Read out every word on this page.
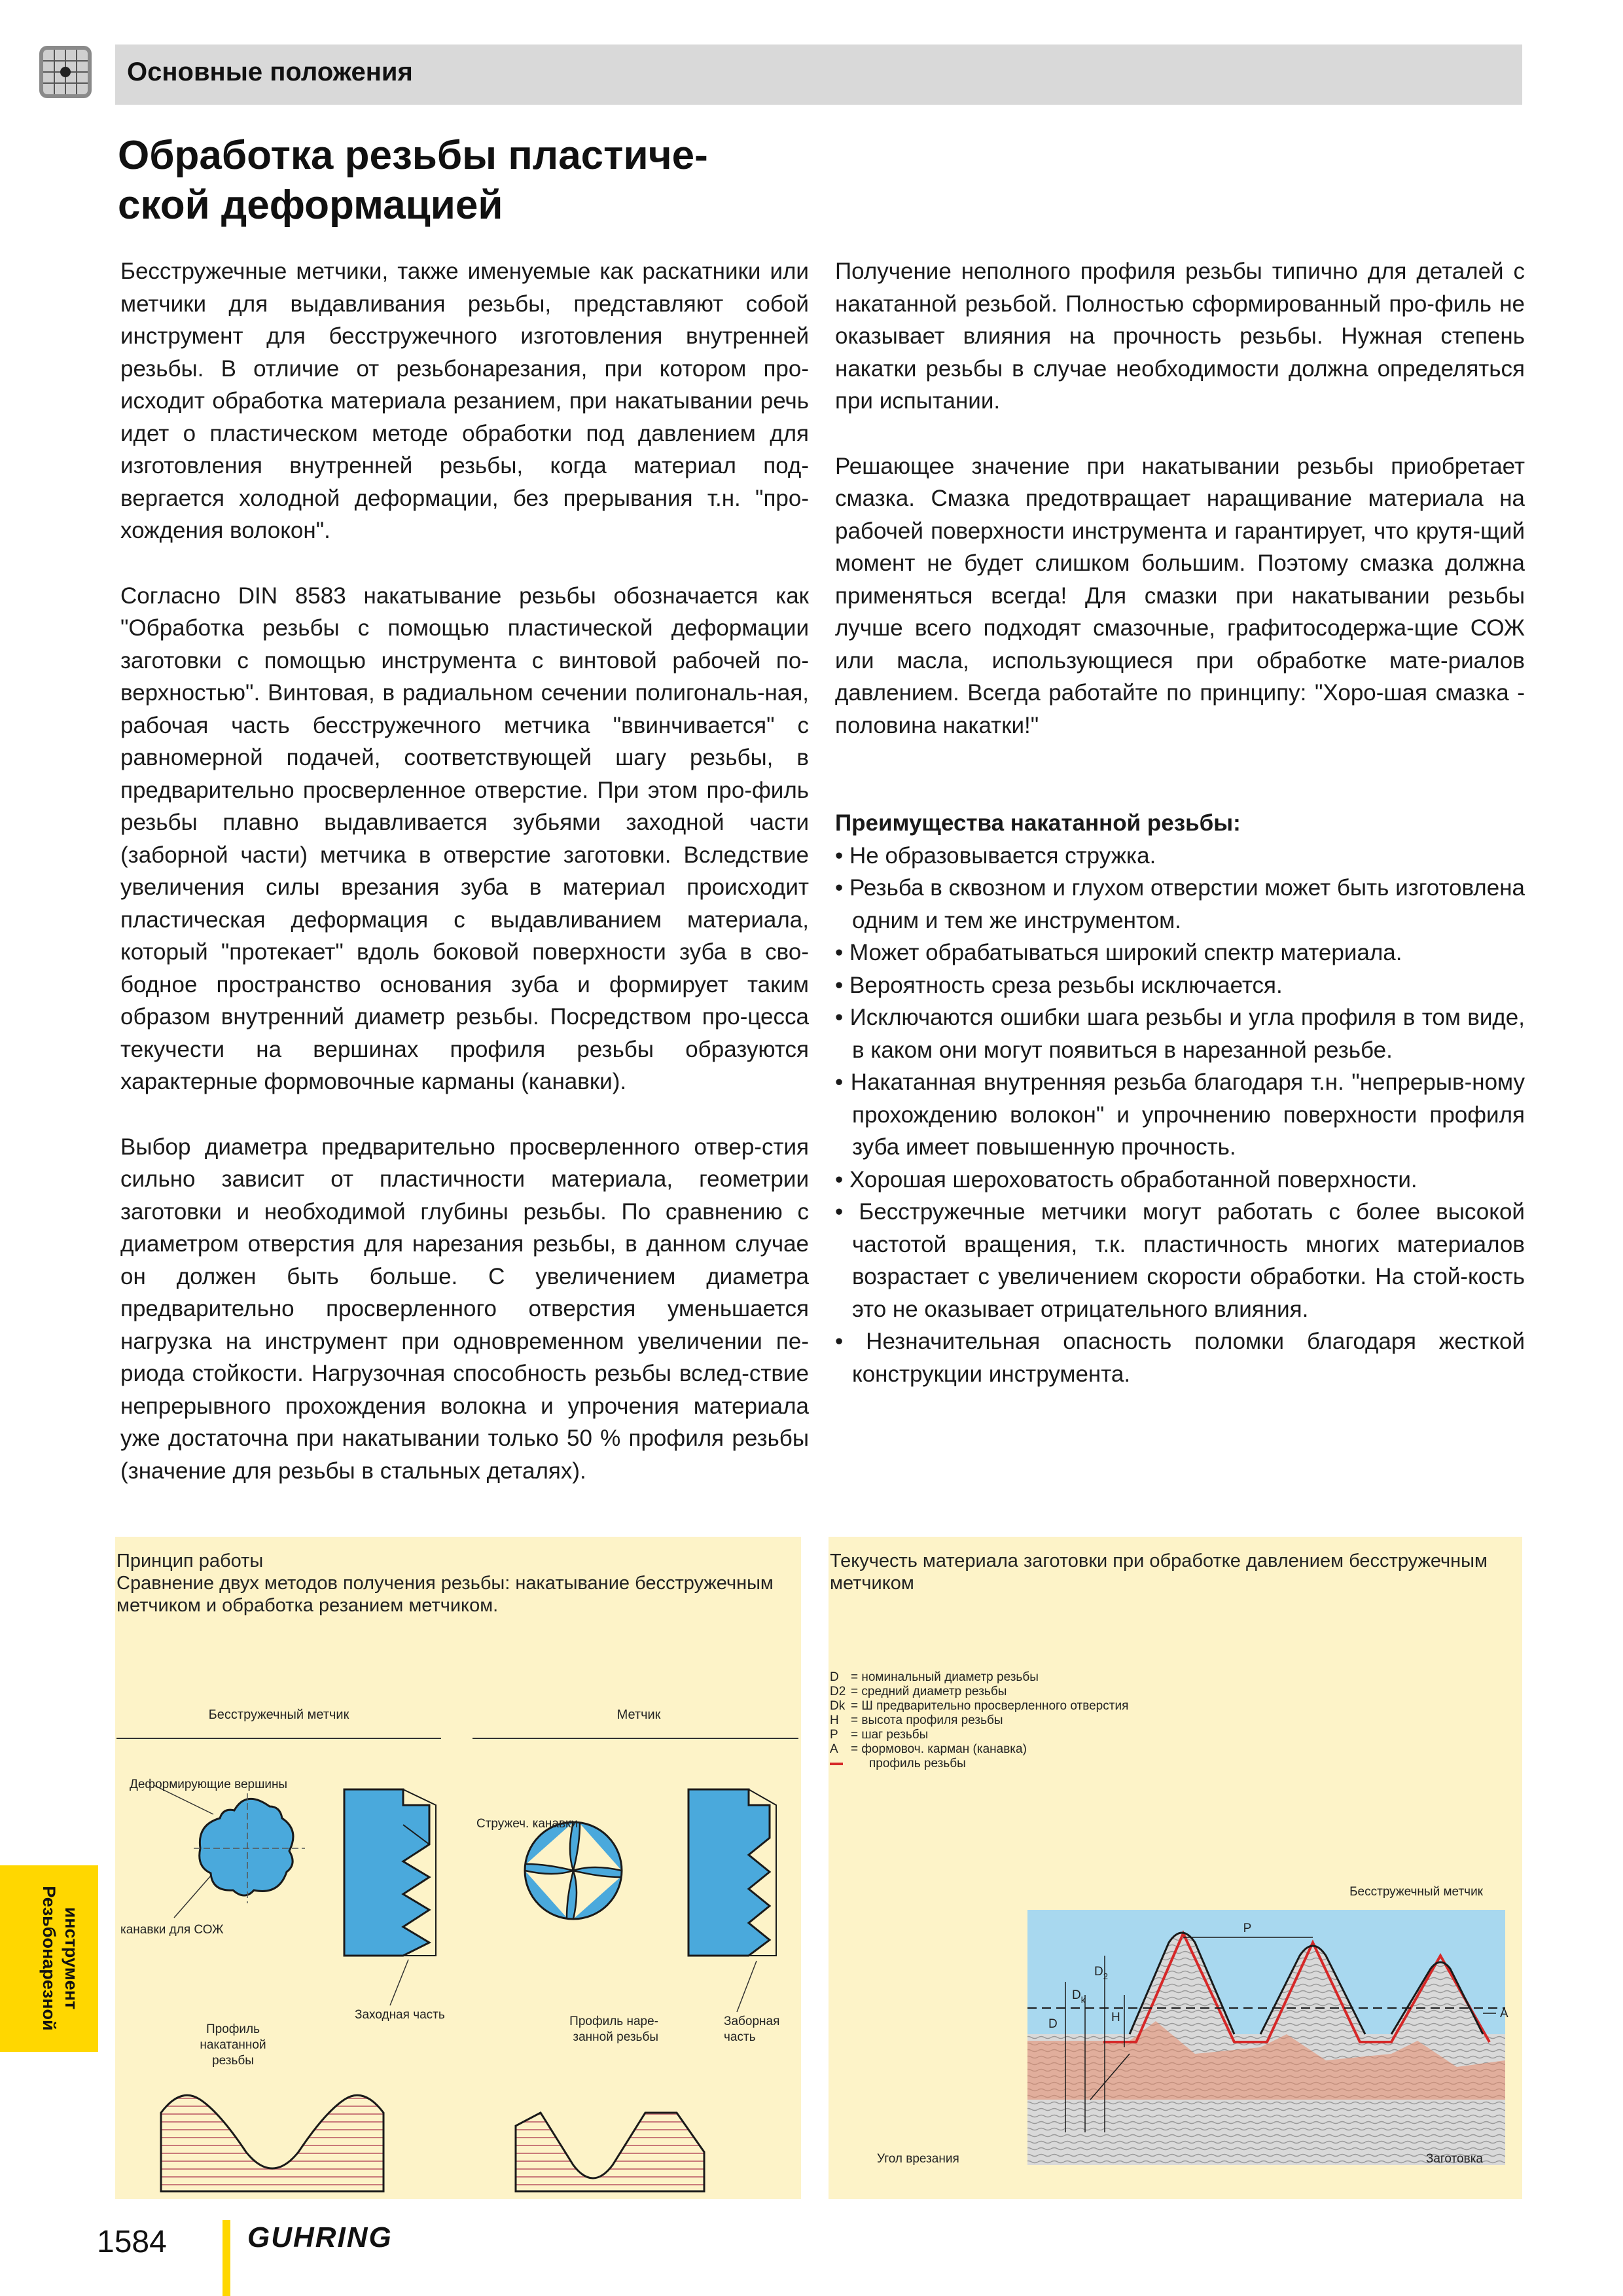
Основные положения
Обработка резьбы пластиче-
ской деформацией

Бесстружечные метчики, также именуемые как раскатники или метчики для выдавливания резьбы, представляют собой инструмент для бесстружечного изготовления внутренней резьбы. В отличие от резьбонарезания, при котором про-исходит обработка материала резанием, при накатывании речь идет о пластическом методе обработки под давлением для изготовления внутренней резьбы, когда материал под-вергается холодной деформации, без прерывания т.н. "про-хождения волокон".

Согласно DIN 8583 накатывание резьбы обозначается как "Обработка резьбы с помощью пластической деформации заготовки с помощью инструмента с винтовой рабочей по-верхностью". Винтовая, в радиальном сечении полигональ-ная, рабочая часть бесстружечного метчика "ввинчивается" с равномерной подачей, соответствующей шагу резьбы, в предварительно просверленное отверстие. При этом про-филь резьбы плавно выдавливается зубьями заходной части (заборной части) метчика в отверстие заготовки. Вследствие увеличения силы врезания зуба в материал происходит пластическая деформация с выдавливанием материала, который "протекает" вдоль боковой поверхности зуба в сво-бодное пространство основания зуба и формирует таким образом внутренний диаметр резьбы. Посредством про-цесса текучести на вершинах профиля резьбы образуются характерные формовочные карманы (канавки).

Выбор диаметра предварительно просверленного отвер-стия сильно зависит от пластичности материала, геометрии заготовки и необходимой глубины резьбы. По сравнению с диаметром отверстия для нарезания резьбы, в данном случае он должен быть больше. С увеличением диаметра предварительно просверленного отверстия уменьшается нагрузка на инструмент при одновременном увеличении пе-риода стойкости. Нагрузочная способность резьбы вслед-ствие непрерывного прохождения волокна и упрочения материала уже достаточна при накатывании только 50 % профиля резьбы (значение для резьбы в стальных деталях).

Получение неполного профиля резьбы типично для деталей с накатанной резьбой. Полностью сформированный про-филь не оказывает влияния на прочность резьбы. Нужная степень накатки резьбы в случае необходимости должна определяться при испытании.

Решающее значение при накатывании резьбы приобретает смазка. Смазка предотвращает наращивание материала на рабочей поверхности инструмента и гарантирует, что крутя-щий момент не будет слишком большим. Поэтому смазка должна применяться всегда! Для смазки при накатывании резьбы лучше всего подходят смазочные, графитосодержа-щие СОЖ или масла, использующиеся при обработке мате-риалов давлением. Всегда работайте по принципу: "Хоро-шая смазка - половина накатки!"

Преимущества накатанной резьбы:
• Не образовывается стружка.
• Резьба в сквозном и глухом отверстии может быть изготовлена одним и тем же инструментом.
• Может обрабатываться широкий спектр материала.
• Вероятность среза резьбы исключается.
• Исключаются ошибки шага резьбы и угла профиля в том виде, в каком они могут появиться в нарезанной резьбе.
• Накатанная внутренняя резьба благодаря т.н. "непрерыв-ному прохождению волокон" и упрочнению поверхности профиля зуба имеет повышенную прочность.
• Хорошая шероховатость обработанной поверхности.
• Бесстружечные метчики могут работать с более высокой частотой вращения, т.к. пластичность многих материалов возрастает с увеличением скорости обработки. На стой-кость это не оказывает отрицательного влияния.
• Незначительная опасность поломки благодаря жесткой конструкции инструмента.
Резьбонарезной инструмент
Принцип работы
Сравнение двух методов получения резьбы: накатывание бесстружечным метчиком и обработка резанием метчиком.
Бесстружечный метчик	Метчик
Деформирующие вершины
канавки для СОЖ
Заходная часть
Профиль накатанной резьбы
Стружеч. канавки
Профиль наре-занной резьбы
Заборная часть
Текучесть материала заготовки при обработке давлением бесстружечным метчиком
D = номинальный диаметр резьбы
D2 = средний диаметр резьбы
Dk = Ш предварительно просверленного отверстия
H = высота профиля резьбы
P = шаг резьбы
A = формовоч. карман (канавка)
профиль резьбы
Бесстружечный метчик
P
A
H
D
$D_k$
$D_2$
Угол врезания	Заготовка
1584	GUHRING
